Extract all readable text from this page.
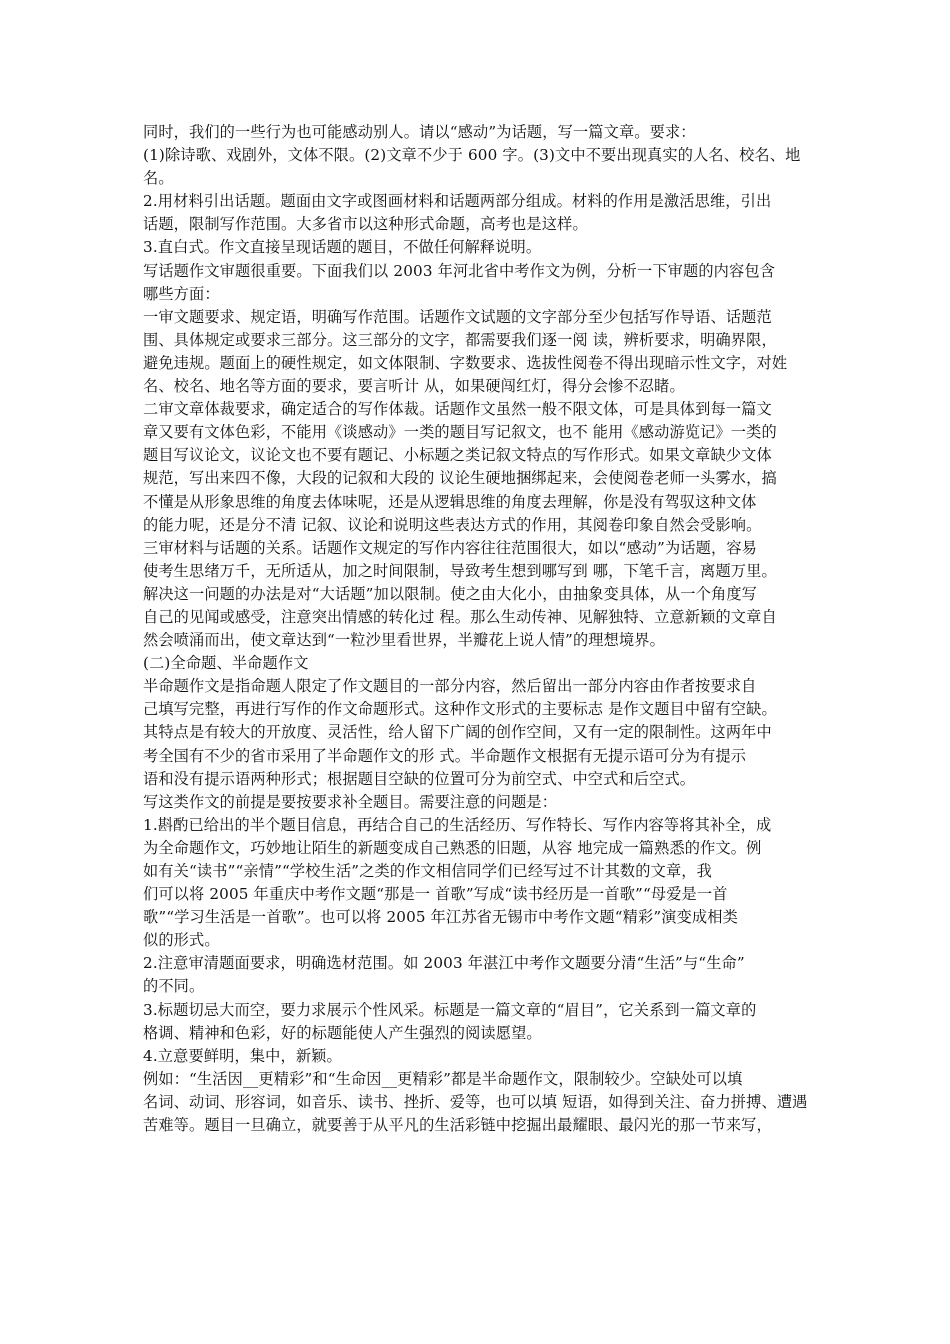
同时，我们的一些行为也可能感动别人。请以“感动”为话题，写一篇文章。要求：
(1)除诗歌、戏剧外，文体不限。(2)文章不少于 600 字。(3)文中不要出现真实的人名、校名、地
名。
2.用材料引出话题。题面由文字或图画材料和话题两部分组成。材料的作用是激活思维，引出
话题，限制写作范围。大多省市以这种形式命题，高考也是这样。
3.直白式。作文直接呈现话题的题目，不做任何解释说明。
写话题作文审题很重要。下面我们以 2003 年河北省中考作文为例，分析一下审题的内容包含
哪些方面：
一审文题要求、规定语，明确写作范围。话题作文试题的文字部分至少包括写作导语、话题范
围、具体规定或要求三部分。这三部分的文字，都需要我们逐一阅 读，辨析要求，明确界限，
避免违规。题面上的硬性规定，如文体限制、字数要求、选拔性阅卷不得出现暗示性文字，对姓
名、校名、地名等方面的要求，要言听计 从，如果硬闯红灯，得分会惨不忍睹。
二审文章体裁要求，确定适合的写作体裁。话题作文虽然一般不限文体，可是具体到每一篇文
章又要有文体色彩，不能用《谈感动》一类的题目写记叙文，也不 能用《感动游览记》一类的
题目写议论文，议论文也不要有题记、小标题之类记叙文特点的写作形式。如果文章缺少文体
规范，写出来四不像，大段的记叙和大段的 议论生硬地捆绑起来，会使阅卷老师一头雾水，搞
不懂是从形象思维的角度去体味呢，还是从逻辑思维的角度去理解，你是没有驾驭这种文体
的能力呢，还是分不清 记叙、议论和说明这些表达方式的作用，其阅卷印象自然会受影响。
三审材料与话题的关系。话题作文规定的写作内容往往范围很大，如以“感动”为话题，容易
使考生思绪万千，无所适从，加之时间限制，导致考生想到哪写到 哪，下笔千言，离题万里。
解决这一问题的办法是对“大话题”加以限制。使之由大化小，由抽象变具体，从一个角度写
自己的见闻或感受，注意突出情感的转化过 程。那么生动传神、见解独特、立意新颖的文章自
然会喷涌而出，使文章达到“一粒沙里看世界，半瓣花上说人情”的理想境界。
(二)全命题、半命题作文
半命题作文是指命题人限定了作文题目的一部分内容，然后留出一部分内容由作者按要求自
己填写完整，再进行写作的作文命题形式。这种作文形式的主要标志 是作文题目中留有空缺。
其特点是有较大的开放度、灵活性，给人留下广阔的创作空间，又有一定的限制性。这两年中
考全国有不少的省市采用了半命题作文的形 式。半命题作文根据有无提示语可分为有提示
语和没有提示语两种形式；根据题目空缺的位置可分为前空式、中空式和后空式。
写这类作文的前提是要按要求补全题目。需要注意的问题是：
1.斟酌已给出的半个题目信息，再结合自己的生活经历、写作特长、写作内容等将其补全，成
为全命题作文，巧妙地让陌生的新题变成自己熟悉的旧题，从容 地完成一篇熟悉的作文。例
如有关“读书”“亲情”“学校生活”之类的作文相信同学们已经写过不计其数的文章，我
们可以将 2005 年重庆中考作文题“那是一 首歌”写成“读书经历是一首歌”“母爱是一首
歌”“学习生活是一首歌”。也可以将 2005 年江苏省无锡市中考作文题“精彩”演变成相类
似的形式。
2.注意审清题面要求，明确选材范围。如 2003 年湛江中考作文题要分清“生活”与“生命”
的不同。
3.标题切忌大而空，要力求展示个性风采。标题是一篇文章的“眉目”，它关系到一篇文章的
格调、精神和色彩，好的标题能使人产生强烈的阅读愿望。
4.立意要鲜明，集中，新颖。
例如：“生活因__更精彩”和“生命因__更精彩”都是半命题作文，限制较少。空缺处可以填
名词、动词、形容词，如音乐、读书、挫折、爱等，也可以填 短语，如得到关注、奋力拼搏、遭遇
苦难等。题目一旦确立，就要善于从平凡的生活彩链中挖掘出最耀眼、最闪光的那一节来写，
